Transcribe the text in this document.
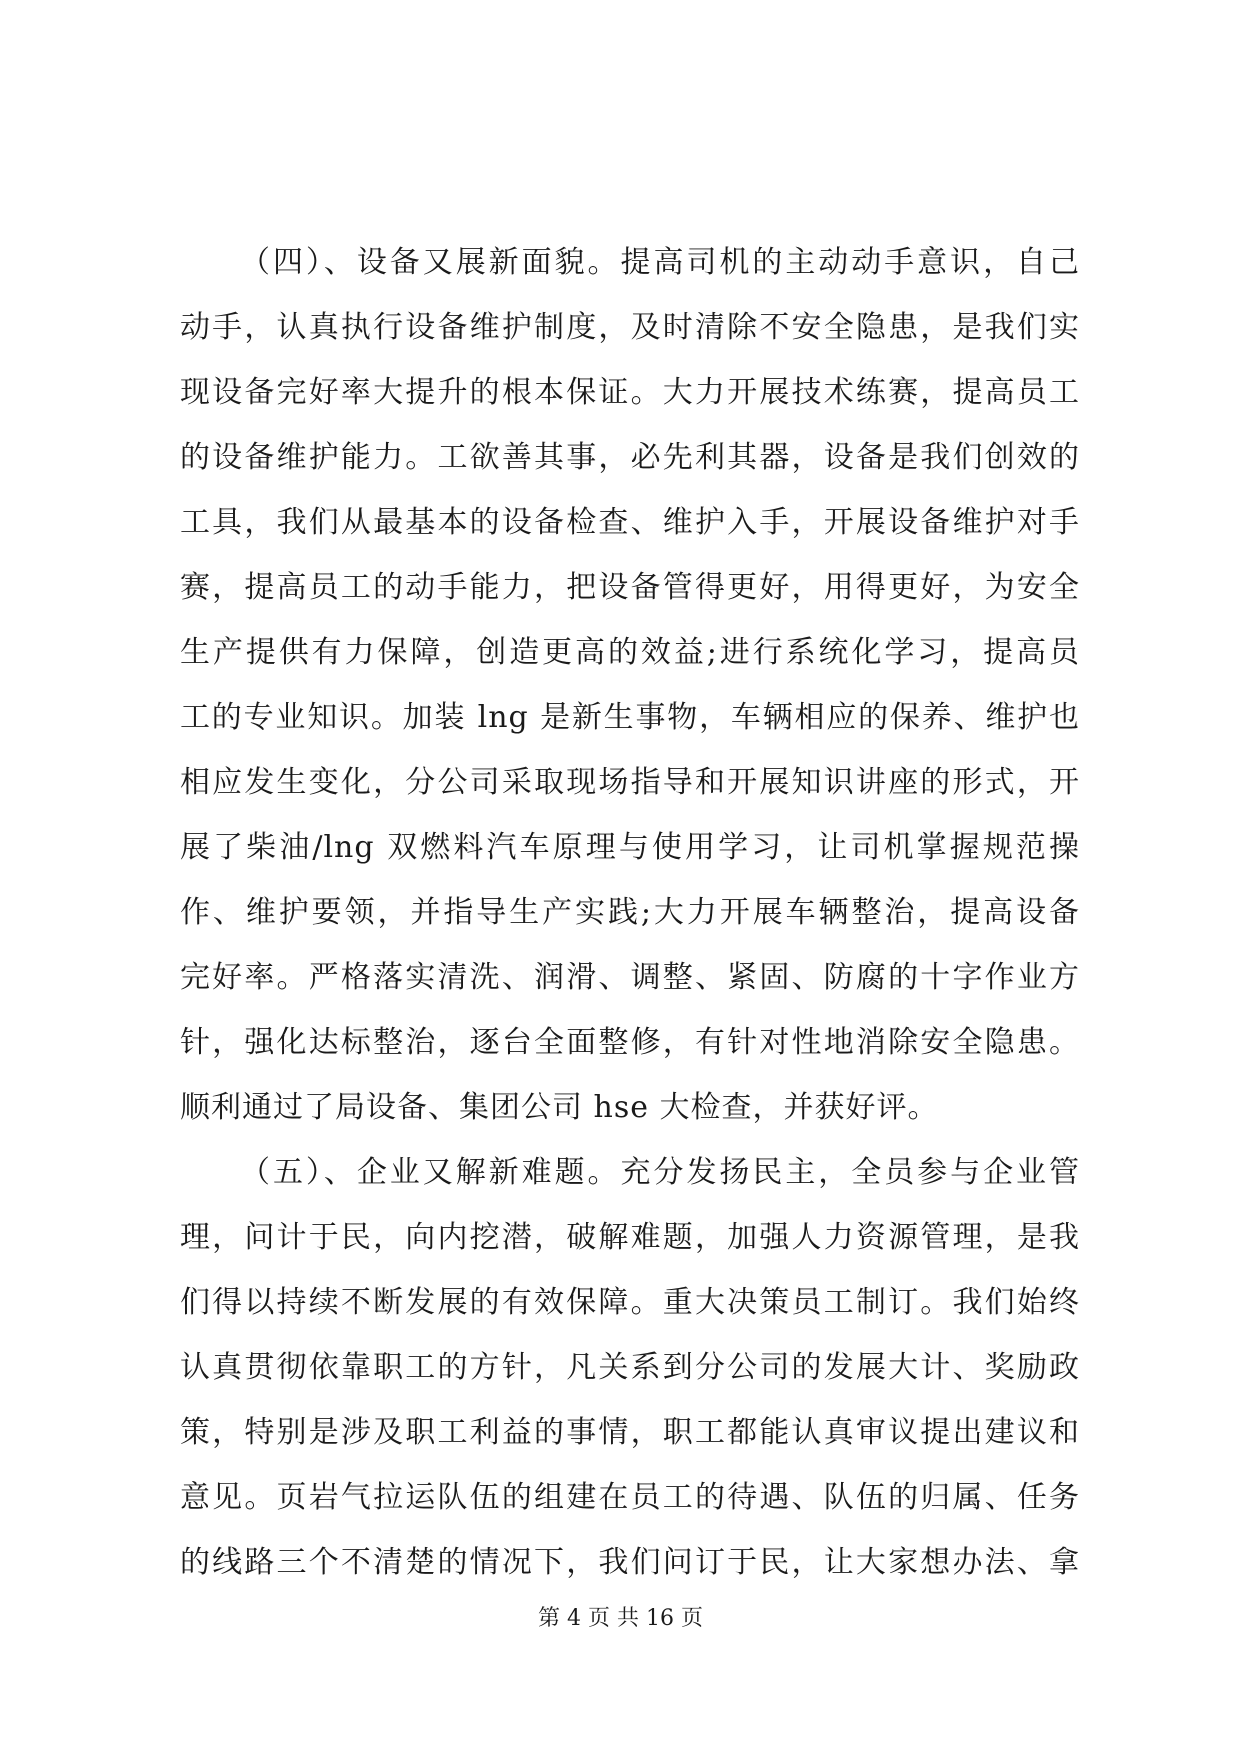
（四）、设备又展新面貌。提高司机的主动动手意识，自己
动手，认真执行设备维护制度，及时清除不安全隐患，是我们实
现设备完好率大提升的根本保证。大力开展技术练赛，提高员工
的设备维护能力。工欲善其事，必先利其器，设备是我们创效的
工具，我们从最基本的设备检查、维护入手，开展设备维护对手
赛，提高员工的动手能力，把设备管得更好，用得更好，为安全
生产提供有力保障，创造更高的效益;进行系统化学习，提高员
工的专业知识。加装 lng 是新生事物，车辆相应的保养、维护也
相应发生变化，分公司采取现场指导和开展知识讲座的形式，开
展了柴油/lng 双燃料汽车原理与使用学习，让司机掌握规范操
作、维护要领，并指导生产实践;大力开展车辆整治，提高设备
完好率。严格落实清洗、润滑、调整、紧固、防腐的十字作业方
针，强化达标整治，逐台全面整修，有针对性地消除安全隐患。
顺利通过了局设备、集团公司 hse 大检查，并获好评。
（五）、企业又解新难题。充分发扬民主，全员参与企业管
理，问计于民，向内挖潜，破解难题，加强人力资源管理，是我
们得以持续不断发展的有效保障。重大决策员工制订。我们始终
认真贯彻依靠职工的方针，凡关系到分公司的发展大计、奖励政
策，特别是涉及职工利益的事情，职工都能认真审议提出建议和
意见。页岩气拉运队伍的组建在员工的待遇、队伍的归属、任务
的线路三个不清楚的情况下，我们问订于民，让大家想办法、拿
第 4 页 共 16 页
